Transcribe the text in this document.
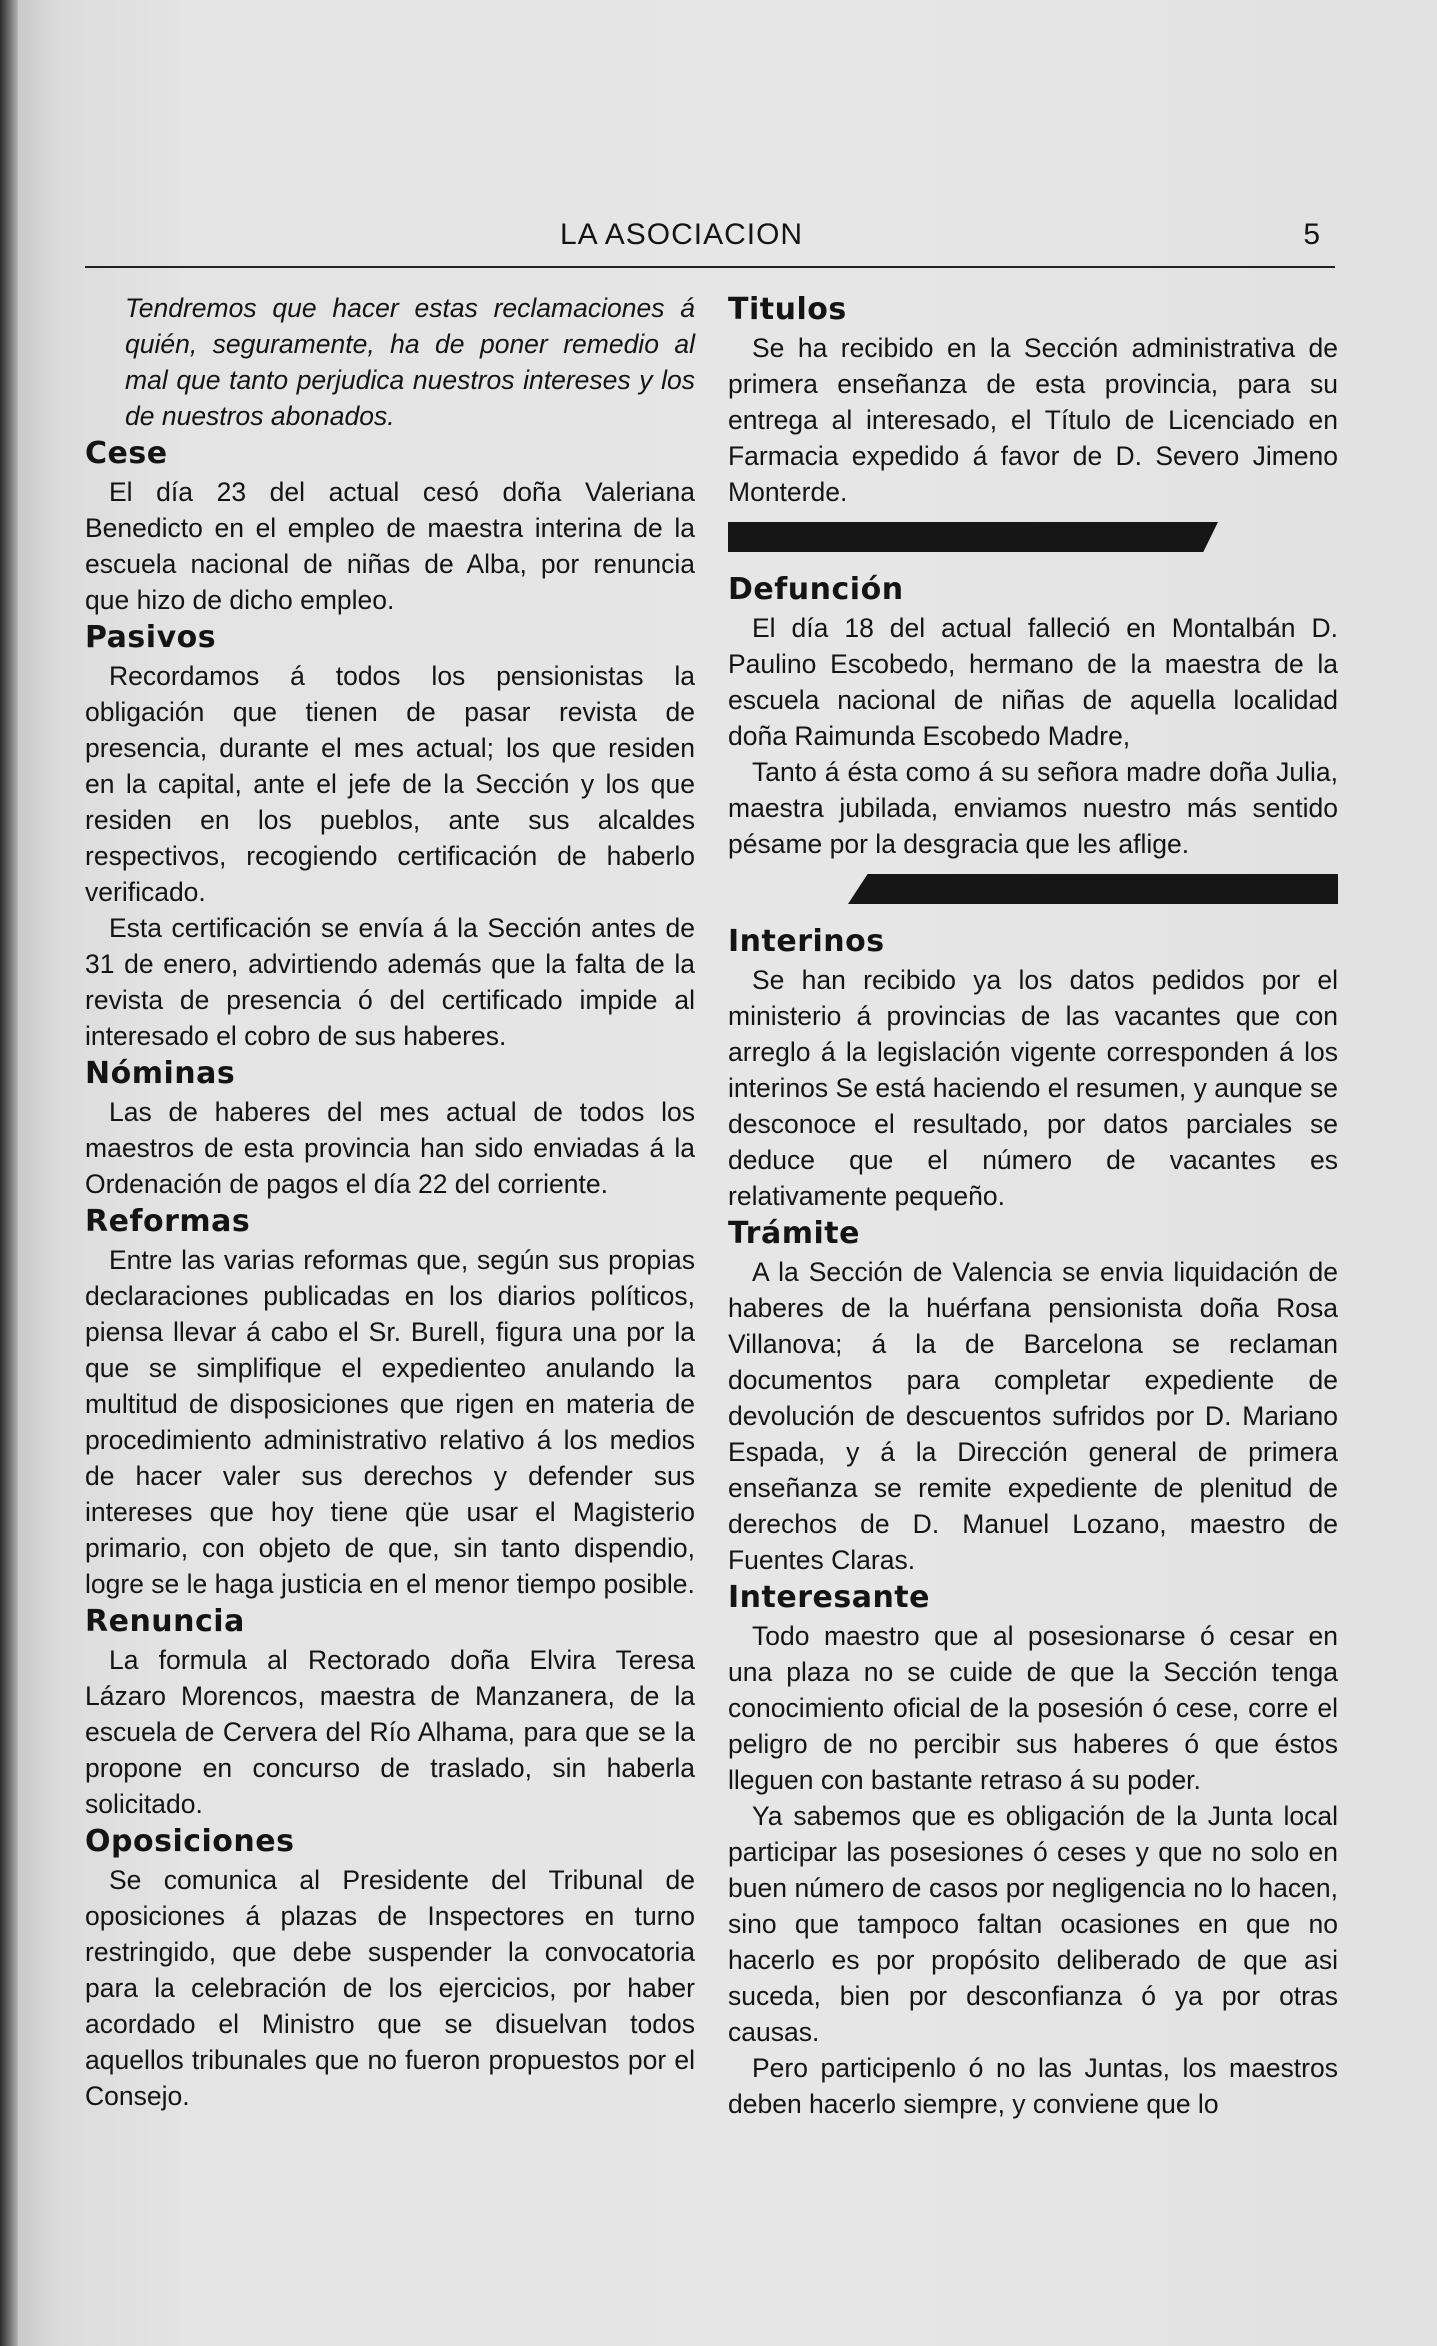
LA ASOCIACION	5

Tendremos que hacer estas reclamaciones á quién, seguramente, ha de poner remedio al mal que tanto perjudica nuestros intereses y los de nuestros abonados.

Cese

El día 23 del actual cesó doña Valeriana Benedicto en el empleo de maestra interina de la escuela nacional de niñas de Alba, por renuncia que hizo de dicho empleo.

Pasivos

Recordamos á todos los pensionistas la obligación que tienen de pasar revista de presencia, durante el mes actual; los que residen en la capital, ante el jefe de la Sección y los que residen en los pueblos, ante sus alcaldes respectivos, recogiendo certificación de haberlo verificado.

Esta certificación se envía á la Sección antes de 31 de enero, advirtiendo además que la falta de la revista de presencia ó del certificado impide al interesado el cobro de sus haberes.

Nóminas

Las de haberes del mes actual de todos los maestros de esta provincia han sido enviadas á la Ordenación de pagos el día 22 del corriente.

Reformas

Entre las varias reformas que, según sus propias declaraciones publicadas en los diarios políticos, piensa llevar á cabo el Sr. Burell, figura una por la que se simplifique el expedienteo anulando la multitud de disposiciones que rigen en materia de procedimiento administrativo relativo á los medios de hacer valer sus derechos y defender sus intereses que hoy tiene qüe usar el Magisterio primario, con objeto de que, sin tanto dispendio, logre se le haga justicia en el menor tiempo posible.

Renuncia

La formula al Rectorado doña Elvira Teresa Lázaro Morencos, maestra de Manzanera, de la escuela de Cervera del Río Alhama, para que se la propone en concurso de traslado, sin haberla solicitado.

Oposiciones

Se comunica al Presidente del Tribunal de oposiciones á plazas de Inspectores en turno restringido, que debe suspender la convocatoria para la celebración de los ejercicios, por haber acordado el Ministro que se disuelvan todos aquellos tribunales que no fueron propuestos por el Consejo.

Titulos

Se ha recibido en la Sección administrativa de primera enseñanza de esta provincia, para su entrega al interesado, el Título de Licenciado en Farmacia expedido á favor de D. Severo Jimeno Monterde.

Defunción

El día 18 del actual falleció en Montalbán D. Paulino Escobedo, hermano de la maestra de la escuela nacional de niñas de aquella localidad doña Raimunda Escobedo Madre,

Tanto á ésta como á su señora madre doña Julia, maestra jubilada, enviamos nuestro más sentido pésame por la desgracia que les aflige.

Interinos

Se han recibido ya los datos pedidos por el ministerio á provincias de las vacantes que con arreglo á la legislación vigente corresponden á los interinos Se está haciendo el resumen, y aunque se desconoce el resultado, por datos parciales se deduce que el número de vacantes es relativamente pequeño.

Trámite

A la Sección de Valencia se envia liquidación de haberes de la huérfana pensionista doña Rosa Villanova; á la de Barcelona se reclaman documentos para completar expediente de devolución de descuentos sufridos por D. Mariano Espada, y á la Dirección general de primera enseñanza se remite expediente de plenitud de derechos de D. Manuel Lozano, maestro de Fuentes Claras.

Interesante

Todo maestro que al posesionarse ó cesar en una plaza no se cuide de que la Sección tenga conocimiento oficial de la posesión ó cese, corre el peligro de no percibir sus haberes ó que éstos lleguen con bastante retraso á su poder.

Ya sabemos que es obligación de la Junta local participar las posesiones ó ceses y que no solo en buen número de casos por negligencia no lo hacen, sino que tampoco faltan ocasiones en que no hacerlo es por propósito deliberado de que asi suceda, bien por desconfianza ó ya por otras causas.

Pero participenlo ó no las Juntas, los maestros deben hacerlo siempre, y conviene que lo
